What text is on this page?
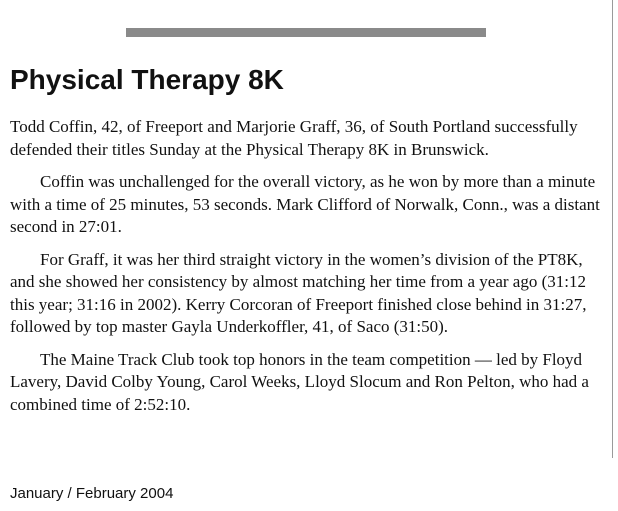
Physical Therapy 8K

Todd Coffin, 42, of Freeport and Marjorie Graff, 36, of South Portland successfully defended their titles Sunday at the Physical Therapy 8K in Brunswick.

Coffin was unchallenged for the overall victory, as he won by more than a minute with a time of 25 minutes, 53 seconds. Mark Clifford of Norwalk, Conn., was a distant second in 27:01.

For Graff, it was her third straight victory in the women’s division of the PT8K, and she showed her consistency by almost matching her time from a year ago (31:12 this year; 31:16 in 2002). Kerry Corcoran of Freeport finished close behind in 31:27, followed by top master Gayla Underkoffler, 41, of Saco (31:50).

The Maine Track Club took top honors in the team competition — led by Floyd Lavery, David Colby Young, Carol Weeks, Lloyd Slocum and Ron Pelton, who had a combined time of 2:52:10.

January / February 2004
